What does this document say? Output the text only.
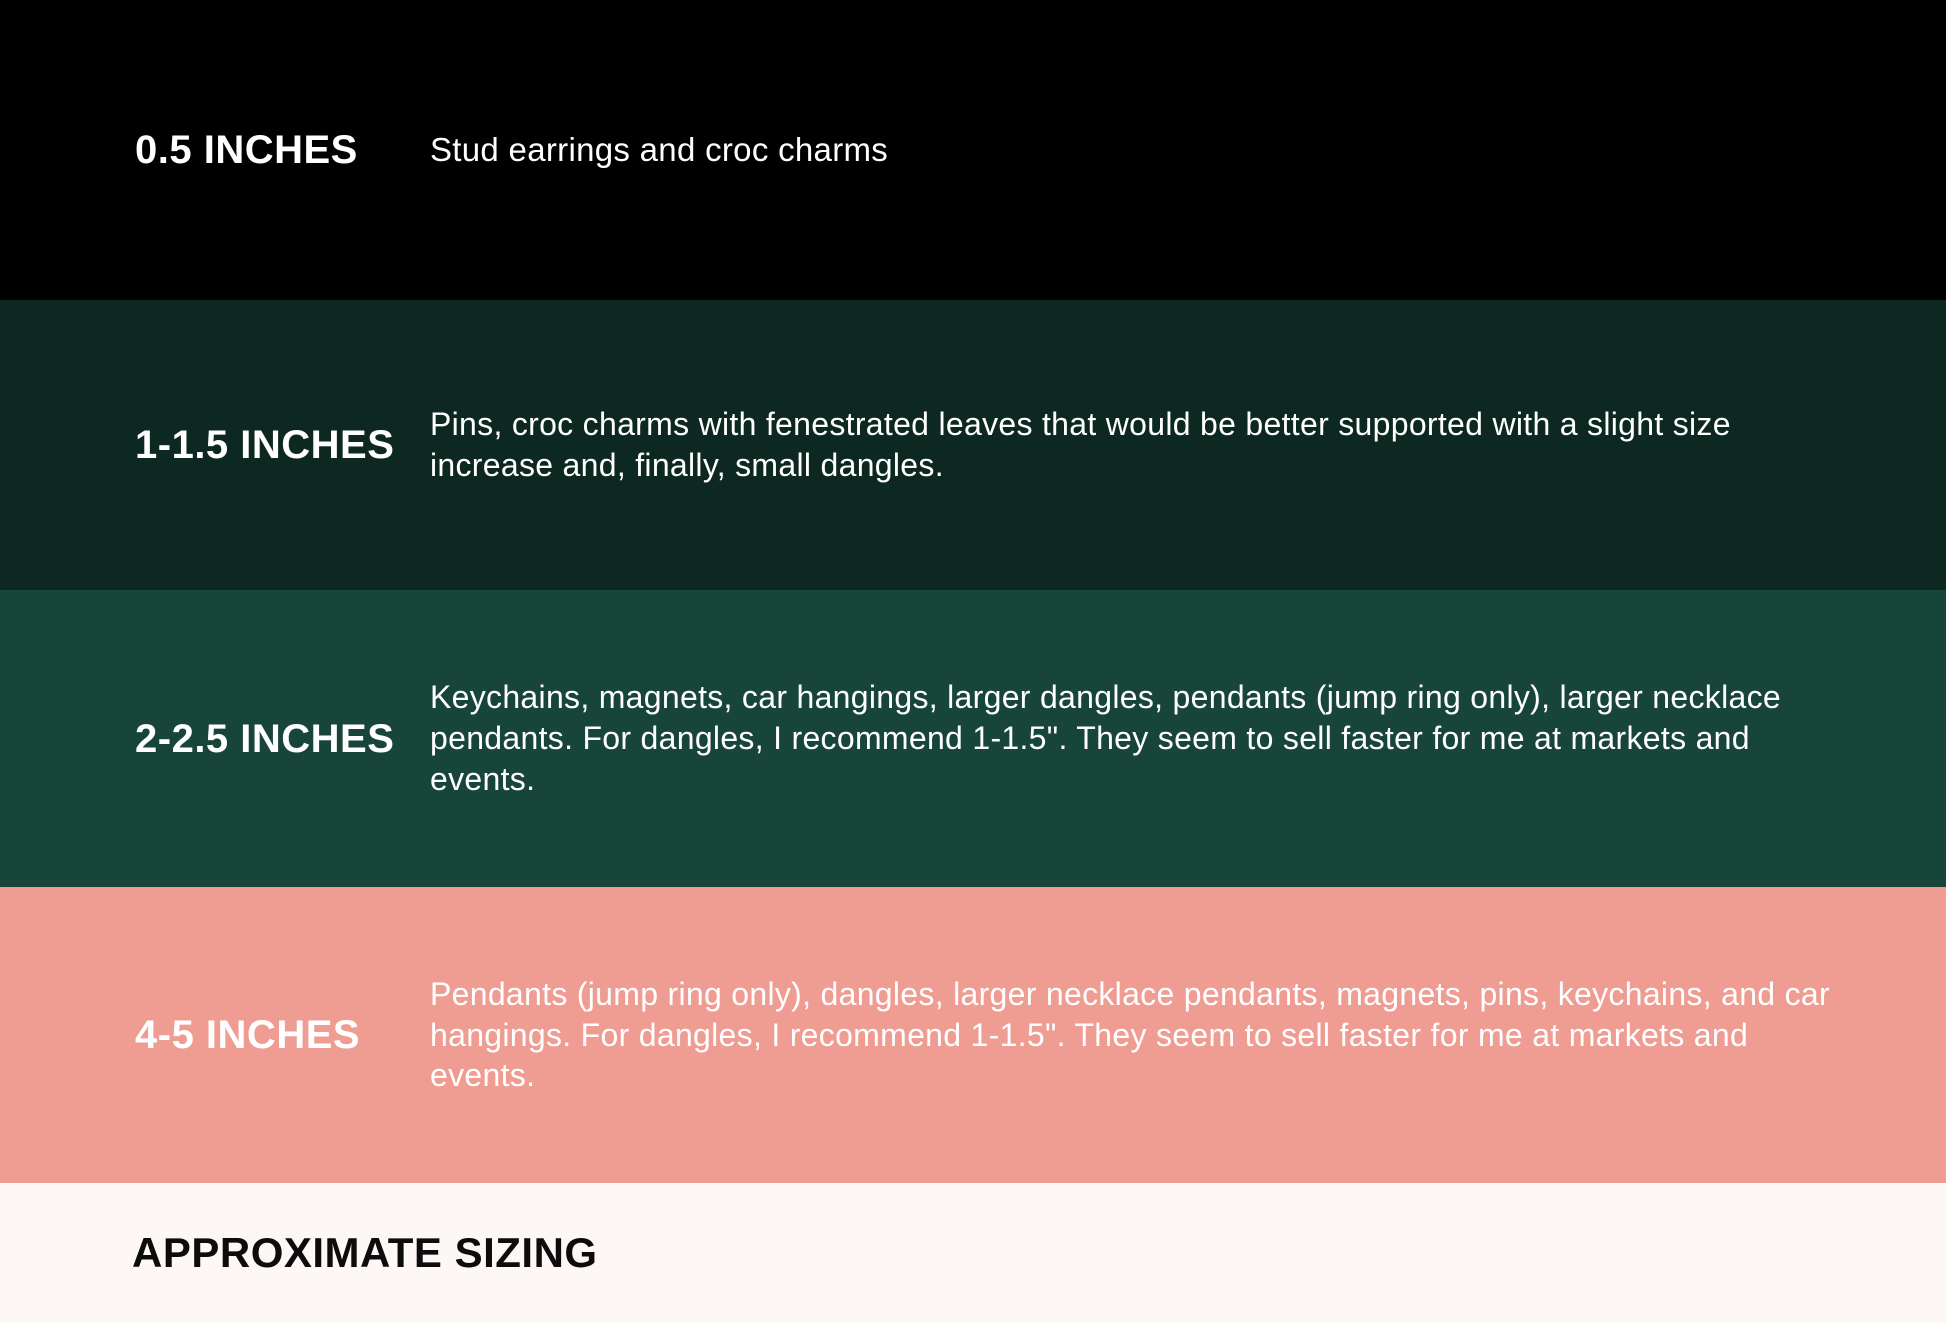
0.5 INCHES	Stud earrings and croc charms
1-1.5 INCHES	Pins, croc charms with fenestrated leaves that would be better supported with a slight size increase and, finally, small dangles.
2-2.5 INCHES
Keychains, magnets, car hangings, larger dangles, pendants (jump ring only), larger necklace pendants. For dangles, I recommend 1-1.5". They seem to sell faster for me at markets and events.
4-5 INCHES
Pendants (jump ring only), dangles, larger necklace pendants, magnets, pins, keychains, and car hangings. For dangles, I recommend 1-1.5". They seem to sell faster for me at markets and events.
APPROXIMATE SIZING
